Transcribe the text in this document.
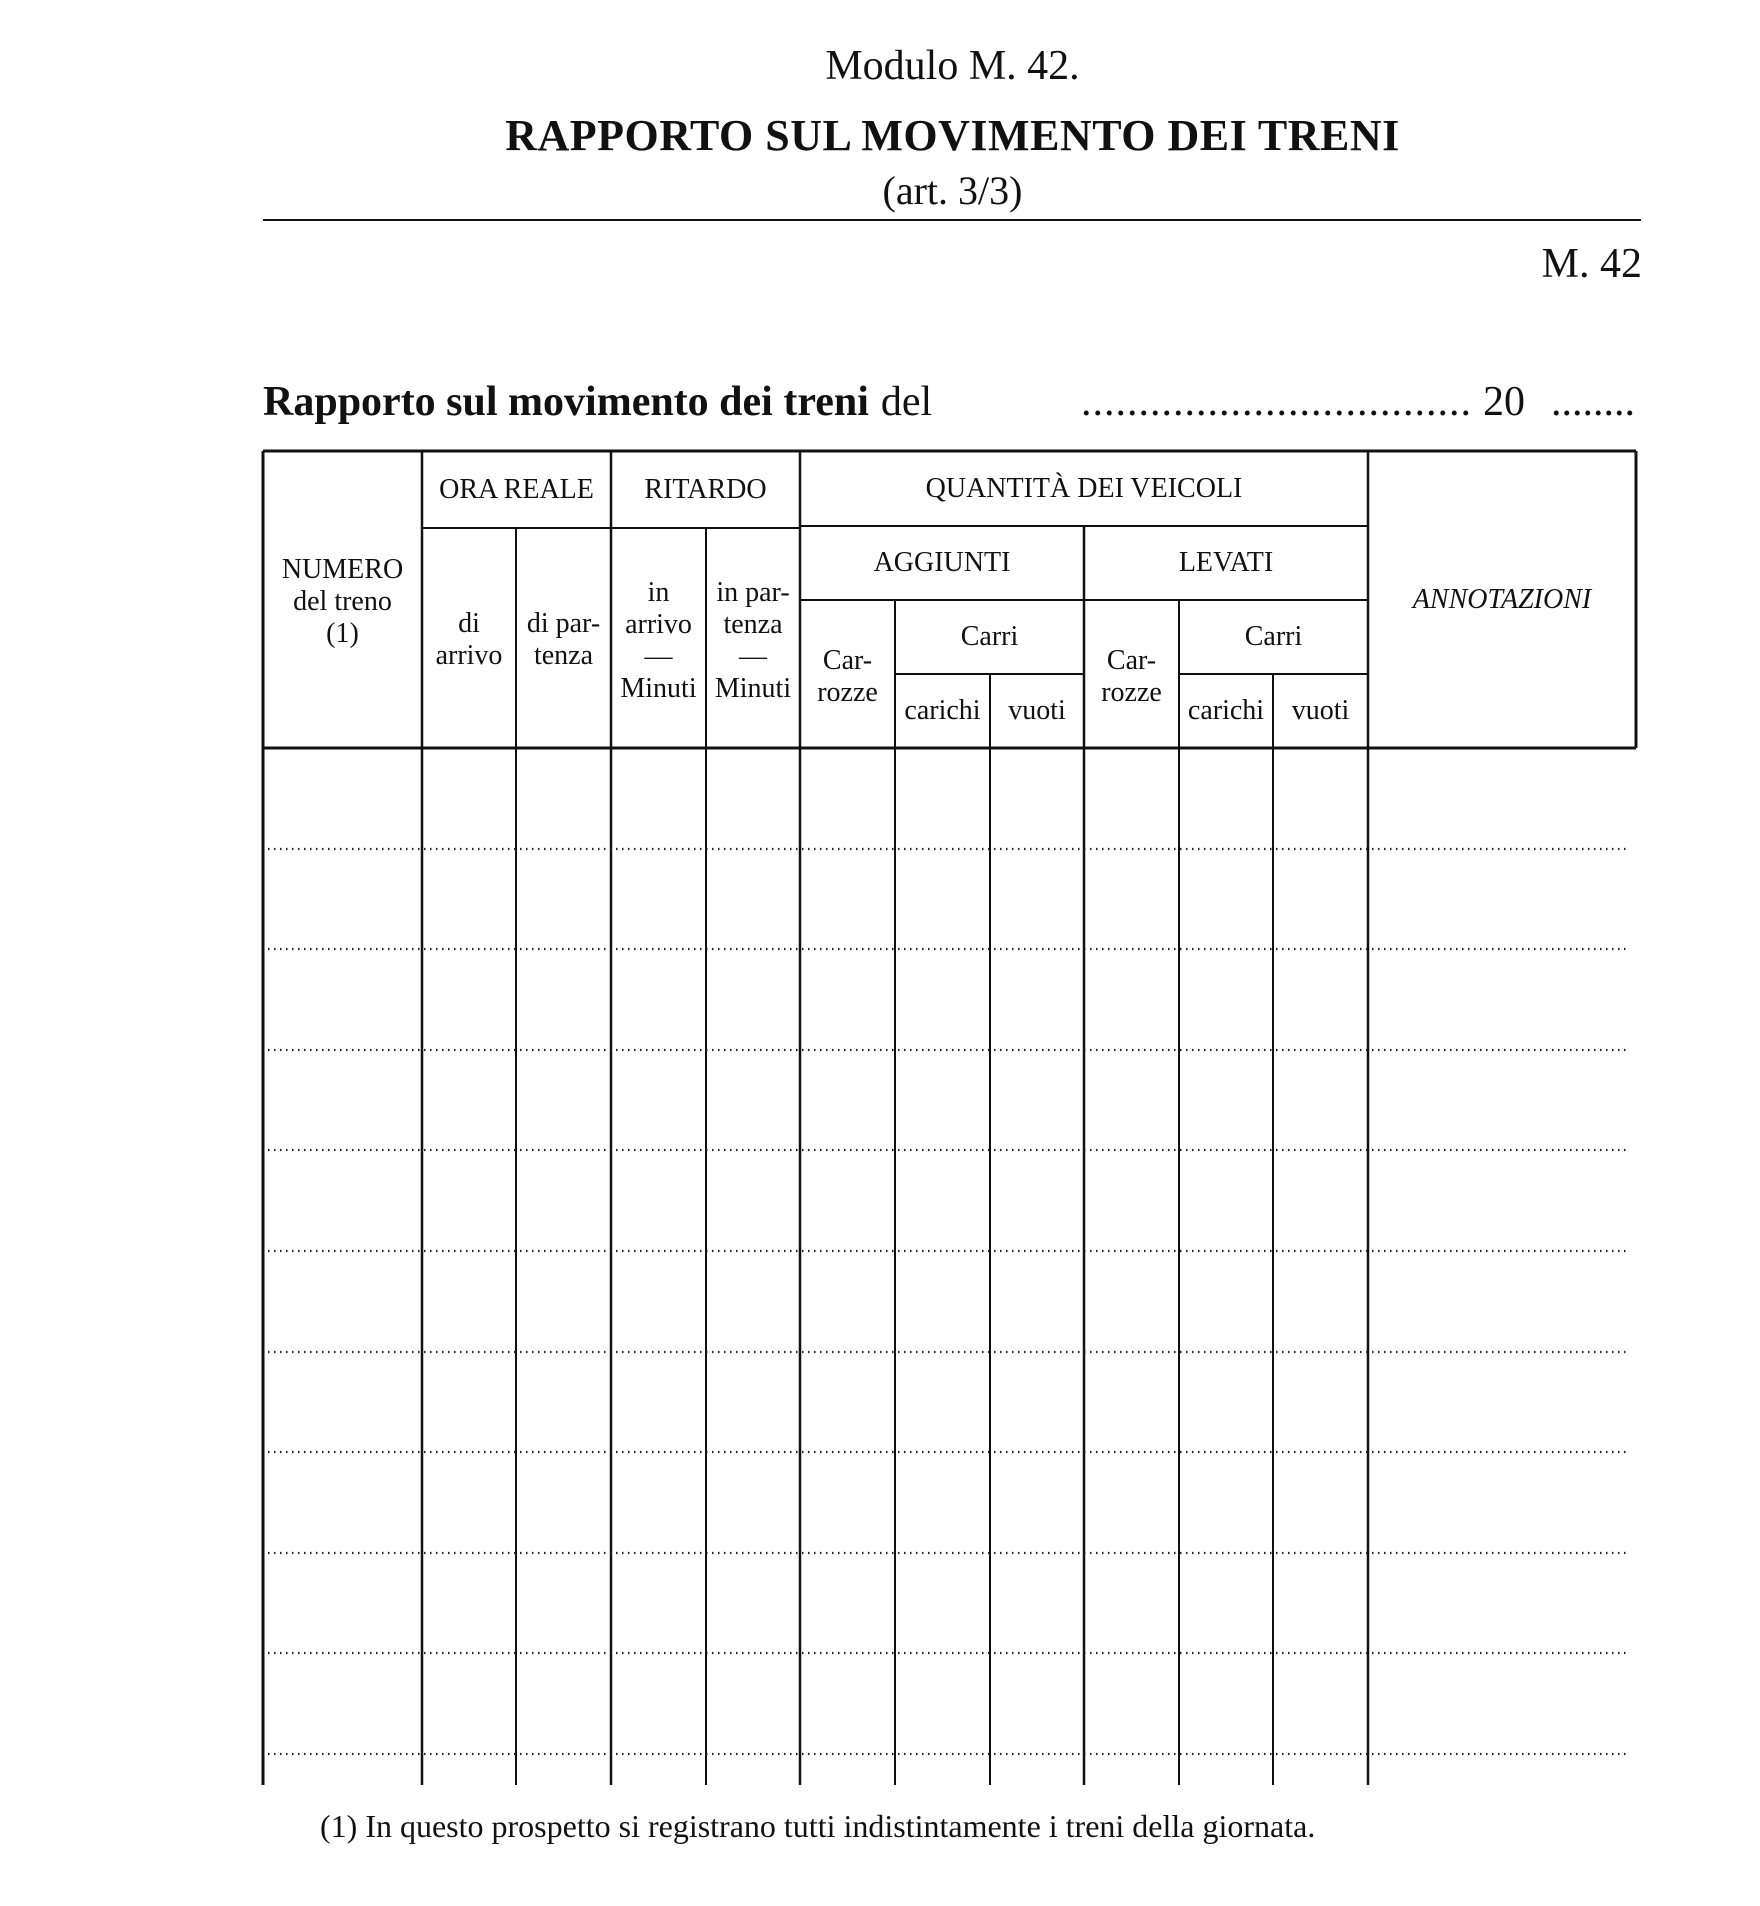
Modulo M. 42.
RAPPORTO SUL MOVIMENTO DEI TRENI
(art. 3/3)
M. 42
Rapporto sul movimento dei treni del	.................................. 20 ........
NUMERO
del treno
(1)
ORA REALE
di
arrivo
di par-
tenza
RITARDO
in
arrivo
—
Minuti
in par-
tenza
—
Minuti
QUANTITÀ DEI VEICOLI
AGGIUNTI	LEVATI
Car-
rozze
Carri
carichi vuoti
Car-
rozze
Carri
carichi vuoti
ANNOTAZIONI
(1) In questo prospetto si registrano tutti indistintamente i treni della giornata.
